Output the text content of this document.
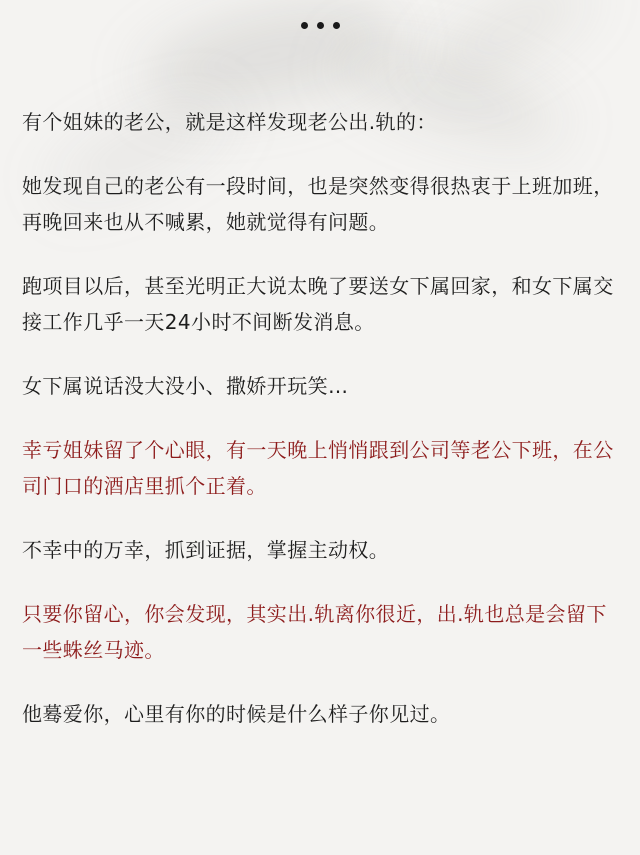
有个姐妹的老公，就是这样发现老公出.轨的：

她发现自己的老公有一段时间，也是突然变得很热衷于上班加班，再晚回来也从不喊累，她就觉得有问题。

跑项目以后，甚至光明正大说太晚了要送女下属回家，和女下属交接工作几乎一天24小时不间断发消息。

女下属说话没大没小、撒娇开玩笑…

幸亏姐妹留了个心眼，有一天晚上悄悄跟到公司等老公下班，在公司门口的酒店里抓个正着。

不幸中的万幸，抓到证据，掌握主动权。

只要你留心，你会发现，其实出.轨离你很近，出.轨也总是会留下一些蛛丝马迹。

他蓦爱你，心里有你的时候是什么样子你见过。
